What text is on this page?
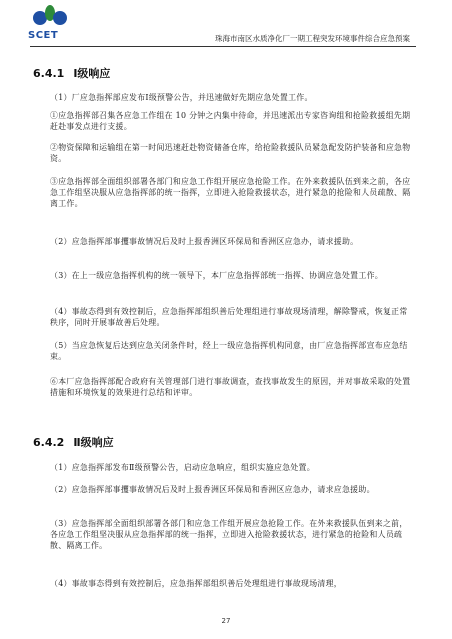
SCET	珠海市南区水质净化厂一期工程突发环境事件综合应急预案
6.4.1 Ⅰ级响应

（1）厂应急指挥部应发布Ⅰ级预警公告，并迅速做好先期应急处置工作。

①应急指挥部召集各应急工作组在 10 分钟之内集中待命，并迅速派出专家咨询组和抢险救援组先期赶赴事发点进行支援。

②物资保障和运输组在第一时间迅速赶赴物资储备仓库，给抢险救援队员紧急配发防护装备和应急物资。

③应急指挥部全面组织部署各部门和应急工作组开展应急抢险工作。在外来救援队伍到来之前，各应急工作组坚决服从应急指挥部的统一指挥，立即进入抢险救援状态，进行紧急的抢险和人员疏散、隔离工作。

（2）应急指挥部事攫事故情况后及时上报香洲区环保局和香洲区应急办，请求援助。

（3）在上一级应急指挥机构的统一领导下，本厂应急指挥部统一指挥、协调应急处置工作。

（4）事故态得到有效控制后，应急指挥部组织善后处理组进行事故现场清理，解除警戒，恢复正常秩序，同时开展事故善后处理。

（5）当应急恢复后达到应急关闭条件时，经上一级应急指挥机构同意，由厂应急指挥部宣布应急结束。

⑥本厂应急指挥部配合政府有关管理部门进行事故调查，查找事故发生的原因，并对事故采取的处置措施和环境恢复的效果进行总结和评审。

6.4.2 Ⅱ级响应

（1）应急指挥部发布Ⅱ级预警公告，启动应急响应，组织实施应急处置。

（2）应急指挥部事攫事故情况后及时上报香洲区环保局和香洲区应急办，请求应急援助。

（3）应急指挥部全面组织部署各部门和应急工作组开展应急抢险工作。在外来救援队伍到来之前，各应急工作组坚决服从应急指挥部的统一指挥，立即进入抢险救援状态，进行紧急的抢险和人员疏散、隔离工作。

（4）事故事态得到有效控制后，应急指挥部组织善后处理组进行事故现场清理，

27
